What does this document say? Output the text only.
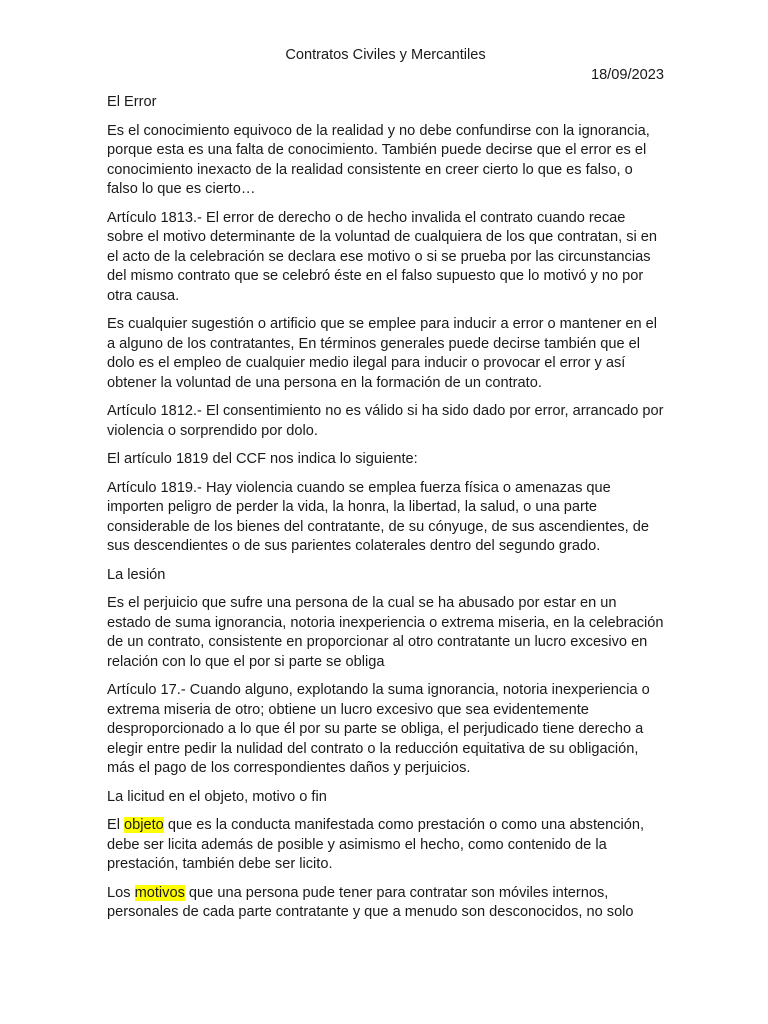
Contratos Civiles y Mercantiles

18/09/2023

El Error

Es el conocimiento equivoco de la realidad y no debe confundirse con la ignorancia, porque esta es una falta de conocimiento. También puede decirse que el error es el conocimiento inexacto de la realidad consistente en creer cierto lo que es falso, o falso lo que es cierto…

Artículo 1813.- El error de derecho o de hecho invalida el contrato cuando recae sobre el motivo determinante de la voluntad de cualquiera de los que contratan, si en el acto de la celebración se declara ese motivo o si se prueba por las circunstancias del mismo contrato que se celebró éste en el falso supuesto que lo motivó y no por otra causa.

Es cualquier sugestión o artificio que se emplee para inducir a error o mantener en el a alguno de los contratantes, En términos generales puede decirse también que el dolo es el empleo de cualquier medio ilegal para inducir o provocar el error y así obtener la voluntad de una persona en la formación de un contrato.

Artículo 1812.- El consentimiento no es válido si ha sido dado por error, arrancado por violencia o sorprendido por dolo.

El artículo 1819 del CCF nos indica lo siguiente:

Artículo 1819.- Hay violencia cuando se emplea fuerza física o amenazas que importen peligro de perder la vida, la honra, la libertad, la salud, o una parte considerable de los bienes del contratante, de su cónyuge, de sus ascendientes, de sus descendientes o de sus parientes colaterales dentro del segundo grado.

La lesión

Es el perjuicio que sufre una persona de la cual se ha abusado por estar en un estado de suma ignorancia, notoria inexperiencia o extrema miseria, en la celebración de un contrato, consistente en proporcionar al otro contratante un lucro excesivo en relación con lo que el por si parte se obliga

Artículo 17.- Cuando alguno, explotando la suma ignorancia, notoria inexperiencia o extrema miseria de otro; obtiene un lucro excesivo que sea evidentemente desproporcionado a lo que él por su parte se obliga, el perjudicado tiene derecho a elegir entre pedir la nulidad del contrato o la reducción equitativa de su obligación, más el pago de los correspondientes daños y perjuicios.

La licitud en el objeto, motivo o fin

El objeto que es la conducta manifestada como prestación o como una abstención, debe ser licita además de posible y asimismo el hecho, como contenido de la prestación, también debe ser licito.

Los motivos que una persona pude tener para contratar son móviles internos, personales de cada parte contratante y que a menudo son desconocidos, no solo
